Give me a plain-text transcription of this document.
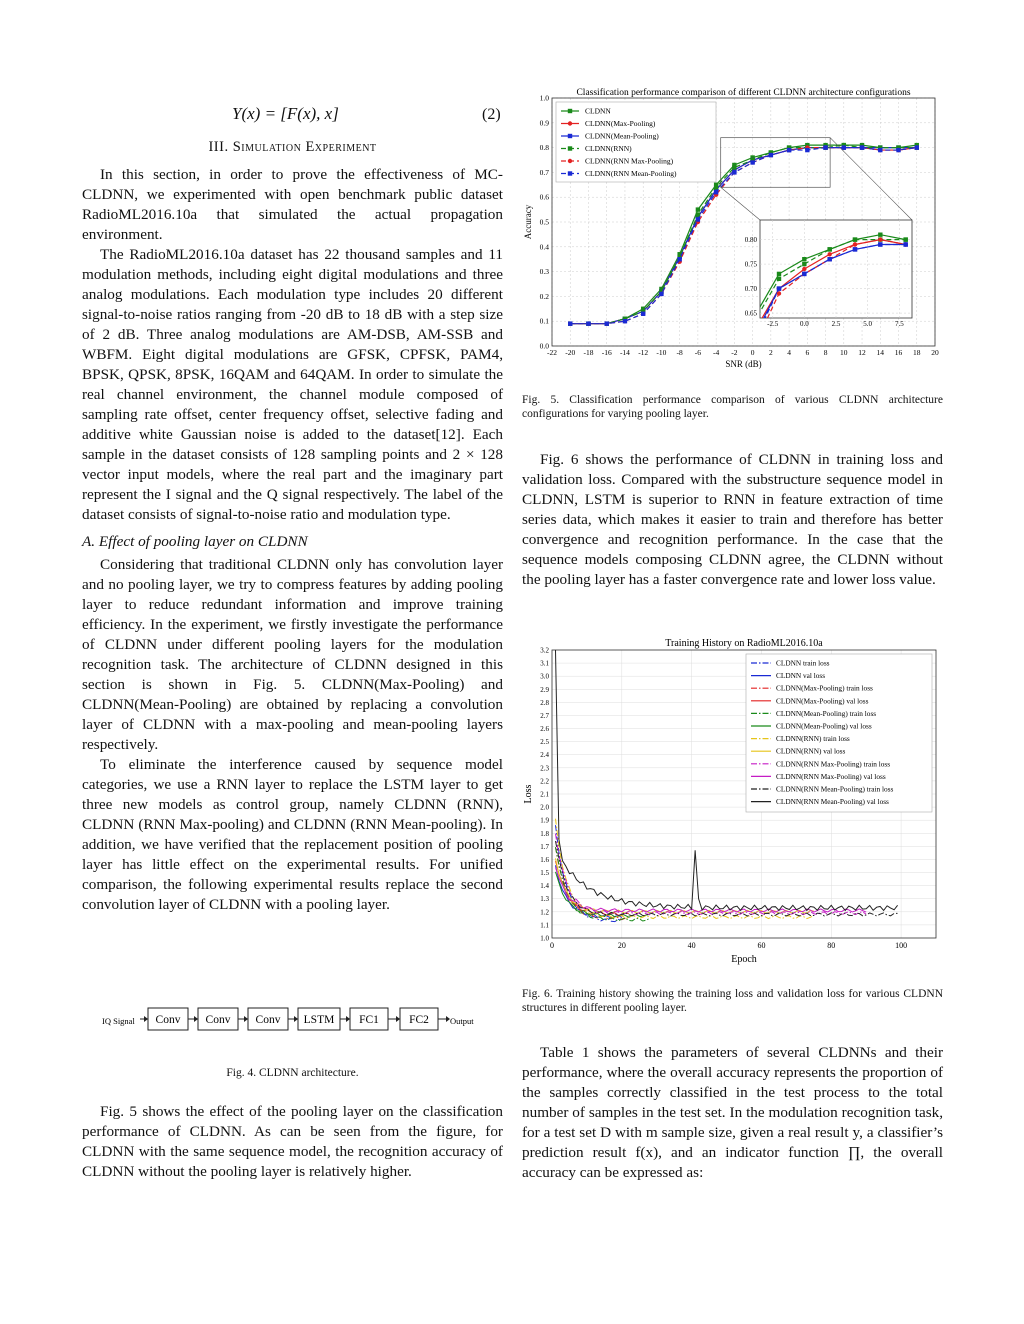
Y(x) = [F(x), x]	(2)
III. Simulation Experiment

In this section, in order to prove the effectiveness of MC-CLDNN, we experimented with open benchmark public dataset RadioML2016.10a that simulated the actual propagation environment.

The RadioML2016.10a dataset has 22 thousand samples and 11 modulation methods, including eight digital modulations and three analog modulations. Each modulation type includes 20 different signal-to-noise ratios ranging from -20 dB to 18 dB with a step size of 2 dB. Three analog modulations are AM-DSB, AM-SSB and WBFM. Eight digital modulations are GFSK, CPFSK, PAM4, BPSK, QPSK, 8PSK, 16QAM and 64QAM. In order to simulate the real channel environment, the channel module composed of sampling rate offset, center frequency offset, selective fading and additive white Gaussian noise is added to the dataset[12]. Each sample in the dataset consists of 128 sampling points and 2 × 128 vector input models, where the real part and the imaginary part represent the I signal and the Q signal respectively. The label of the dataset consists of signal-to-noise ratio and modulation type.

A. Effect of pooling layer on CLDNN

Considering that traditional CLDNN only has convolution layer and no pooling layer, we try to compress features by adding pooling layer to reduce redundant information and improve training efficiency. In the experiment, we firstly investigate the performance of CLDNN under different pooling layers for the modulation recognition task. The architecture of CLDNN designed in this section is shown in Fig. 5. CLDNN(Max-Pooling) and CLDNN(Mean-Pooling) are obtained by replacing a convolution layer of CLDNN with a max-pooling and mean-pooling layers respectively.

To eliminate the interference caused by sequence model categories, we use a RNN layer to replace the LSTM layer to get three new models as control group, namely CLDNN (RNN), CLDNN (RNN Max-pooling) and CLDNN (RNN Mean-pooling). In addition, we have verified that the replacement position of pooling layer has little effect on the experimental results. For unified comparison, the following experimental results replace the second convolution layer of CLDNN with a pooling layer.

IQ Signal Conv Conv Conv LSTM FC1	FC2 Output
Fig. 4. CLDNN architecture.

Fig. 5 shows the effect of the pooling layer on the classification performance of CLDNN. As can be seen from the figure, for CLDNN with the same sequence model, the recognition accuracy of CLDNN without the pooling layer is relatively higher.

Classification performance comparison of different CLDNN architecture configurations
-22 -20 -18 -16 -14 -12 -10 -8 -6 -4 -2 0 2 4 6 8 10 12 14 16 18 20
0.0
0.1
0.2
0.3
0.4
0.5
0.6
0.7
0.8
0.9
1.0
SNR (dB)
Accuracy
CLDNN
CLDNN(Max-Pooling)
CLDNN(Mean-Pooling)
CLDNN(RNN)
CLDNN(RNN Max-Pooling)
CLDNN(RNN Mean-Pooling)
-2.5	0.0	2.5	5.0	7.5
0.65
0.70
0.75
0.80
Fig. 5. Classification performance comparison of various CLDNN architecture configurations for varying pooling layer.

Fig. 6 shows the performance of CLDNN in training loss and validation loss. Compared with the substructure sequence model in CLDNN, LSTM is superior to RNN in feature extraction of time series data, which makes it easier to train and therefore has better convergence and recognition performance. In the case that the sequence models composing CLDNN agree, the CLDNN without the pooling layer has a faster convergence rate and lower loss value.

Training History on RadioML2016.10a
0	20	40	60	80	100
1.0
1.1
1.2
1.3
1.4
1.5
1.6
1.7
1.8
1.9
2.0
2.1
2.2
2.3
2.4
2.5
2.6
2.7
2.8
2.9
3.0
3.1
3.2
Epoch
Loss
CLDNN train loss
CLDNN val loss
CLDNN(Max-Pooling) train loss
CLDNN(Max-Pooling) val loss
CLDNN(Mean-Pooling) train loss
CLDNN(Mean-Pooling) val loss
CLDNN(RNN) train loss
CLDNN(RNN) val loss
CLDNN(RNN Max-Pooling) train loss
CLDNN(RNN Max-Pooling) val loss
CLDNN(RNN Mean-Pooling) train loss
CLDNN(RNN Mean-Pooling) val loss
Fig. 6. Training history showing the training loss and validation loss for various CLDNN structures in different pooling layer.

Table 1 shows the parameters of several CLDNNs and their performance, where the overall accuracy represents the proportion of the samples correctly classified in the test process to the total number of samples in the test set. In the modulation recognition task, for a test set D with m sample size, given a real result y, a classifier’s prediction result f(x), and an indicator function ∏, the overall accuracy can be expressed as:
